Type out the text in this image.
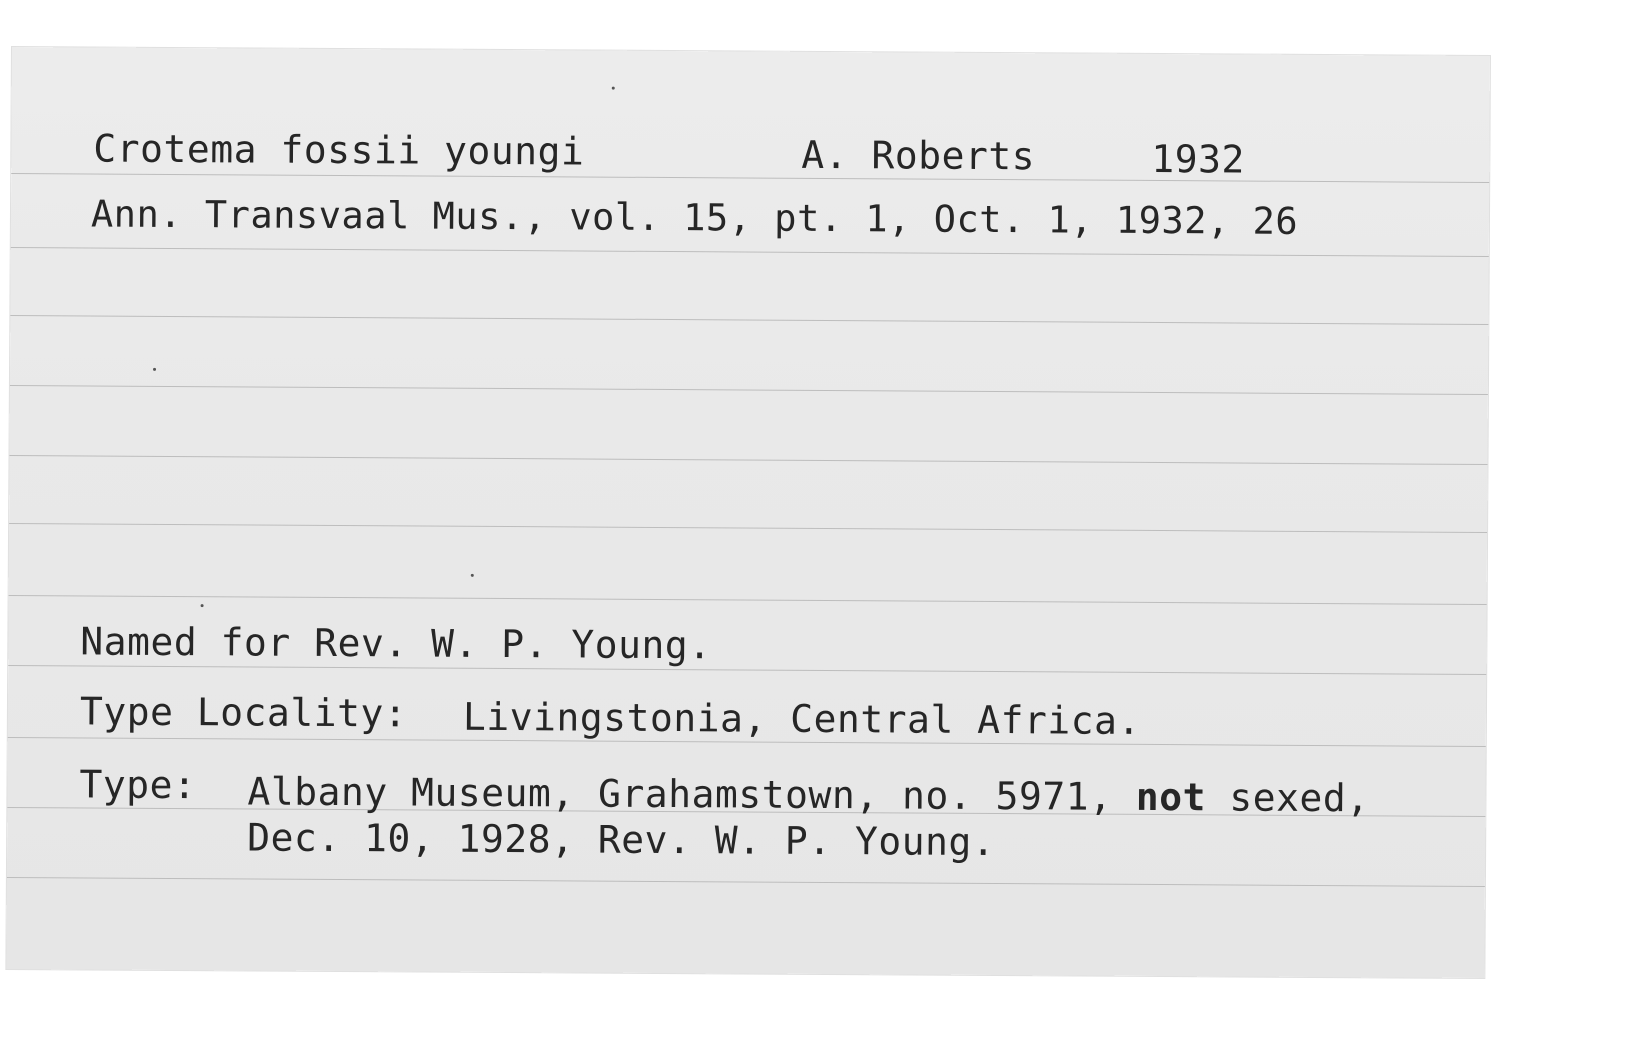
Crotema fossii youngi	A. Roberts	1932
Ann. Transvaal Mus., vol. 15, pt. 1, Oct. 1, 1932, 26
Named for Rev. W. P. Young.
Type Locality: Livingstonia, Central Africa.
Type: Albany Museum, Grahamstown, no. 5971, not sexed,
Dec. 10, 1928, Rev. W. P. Young.
